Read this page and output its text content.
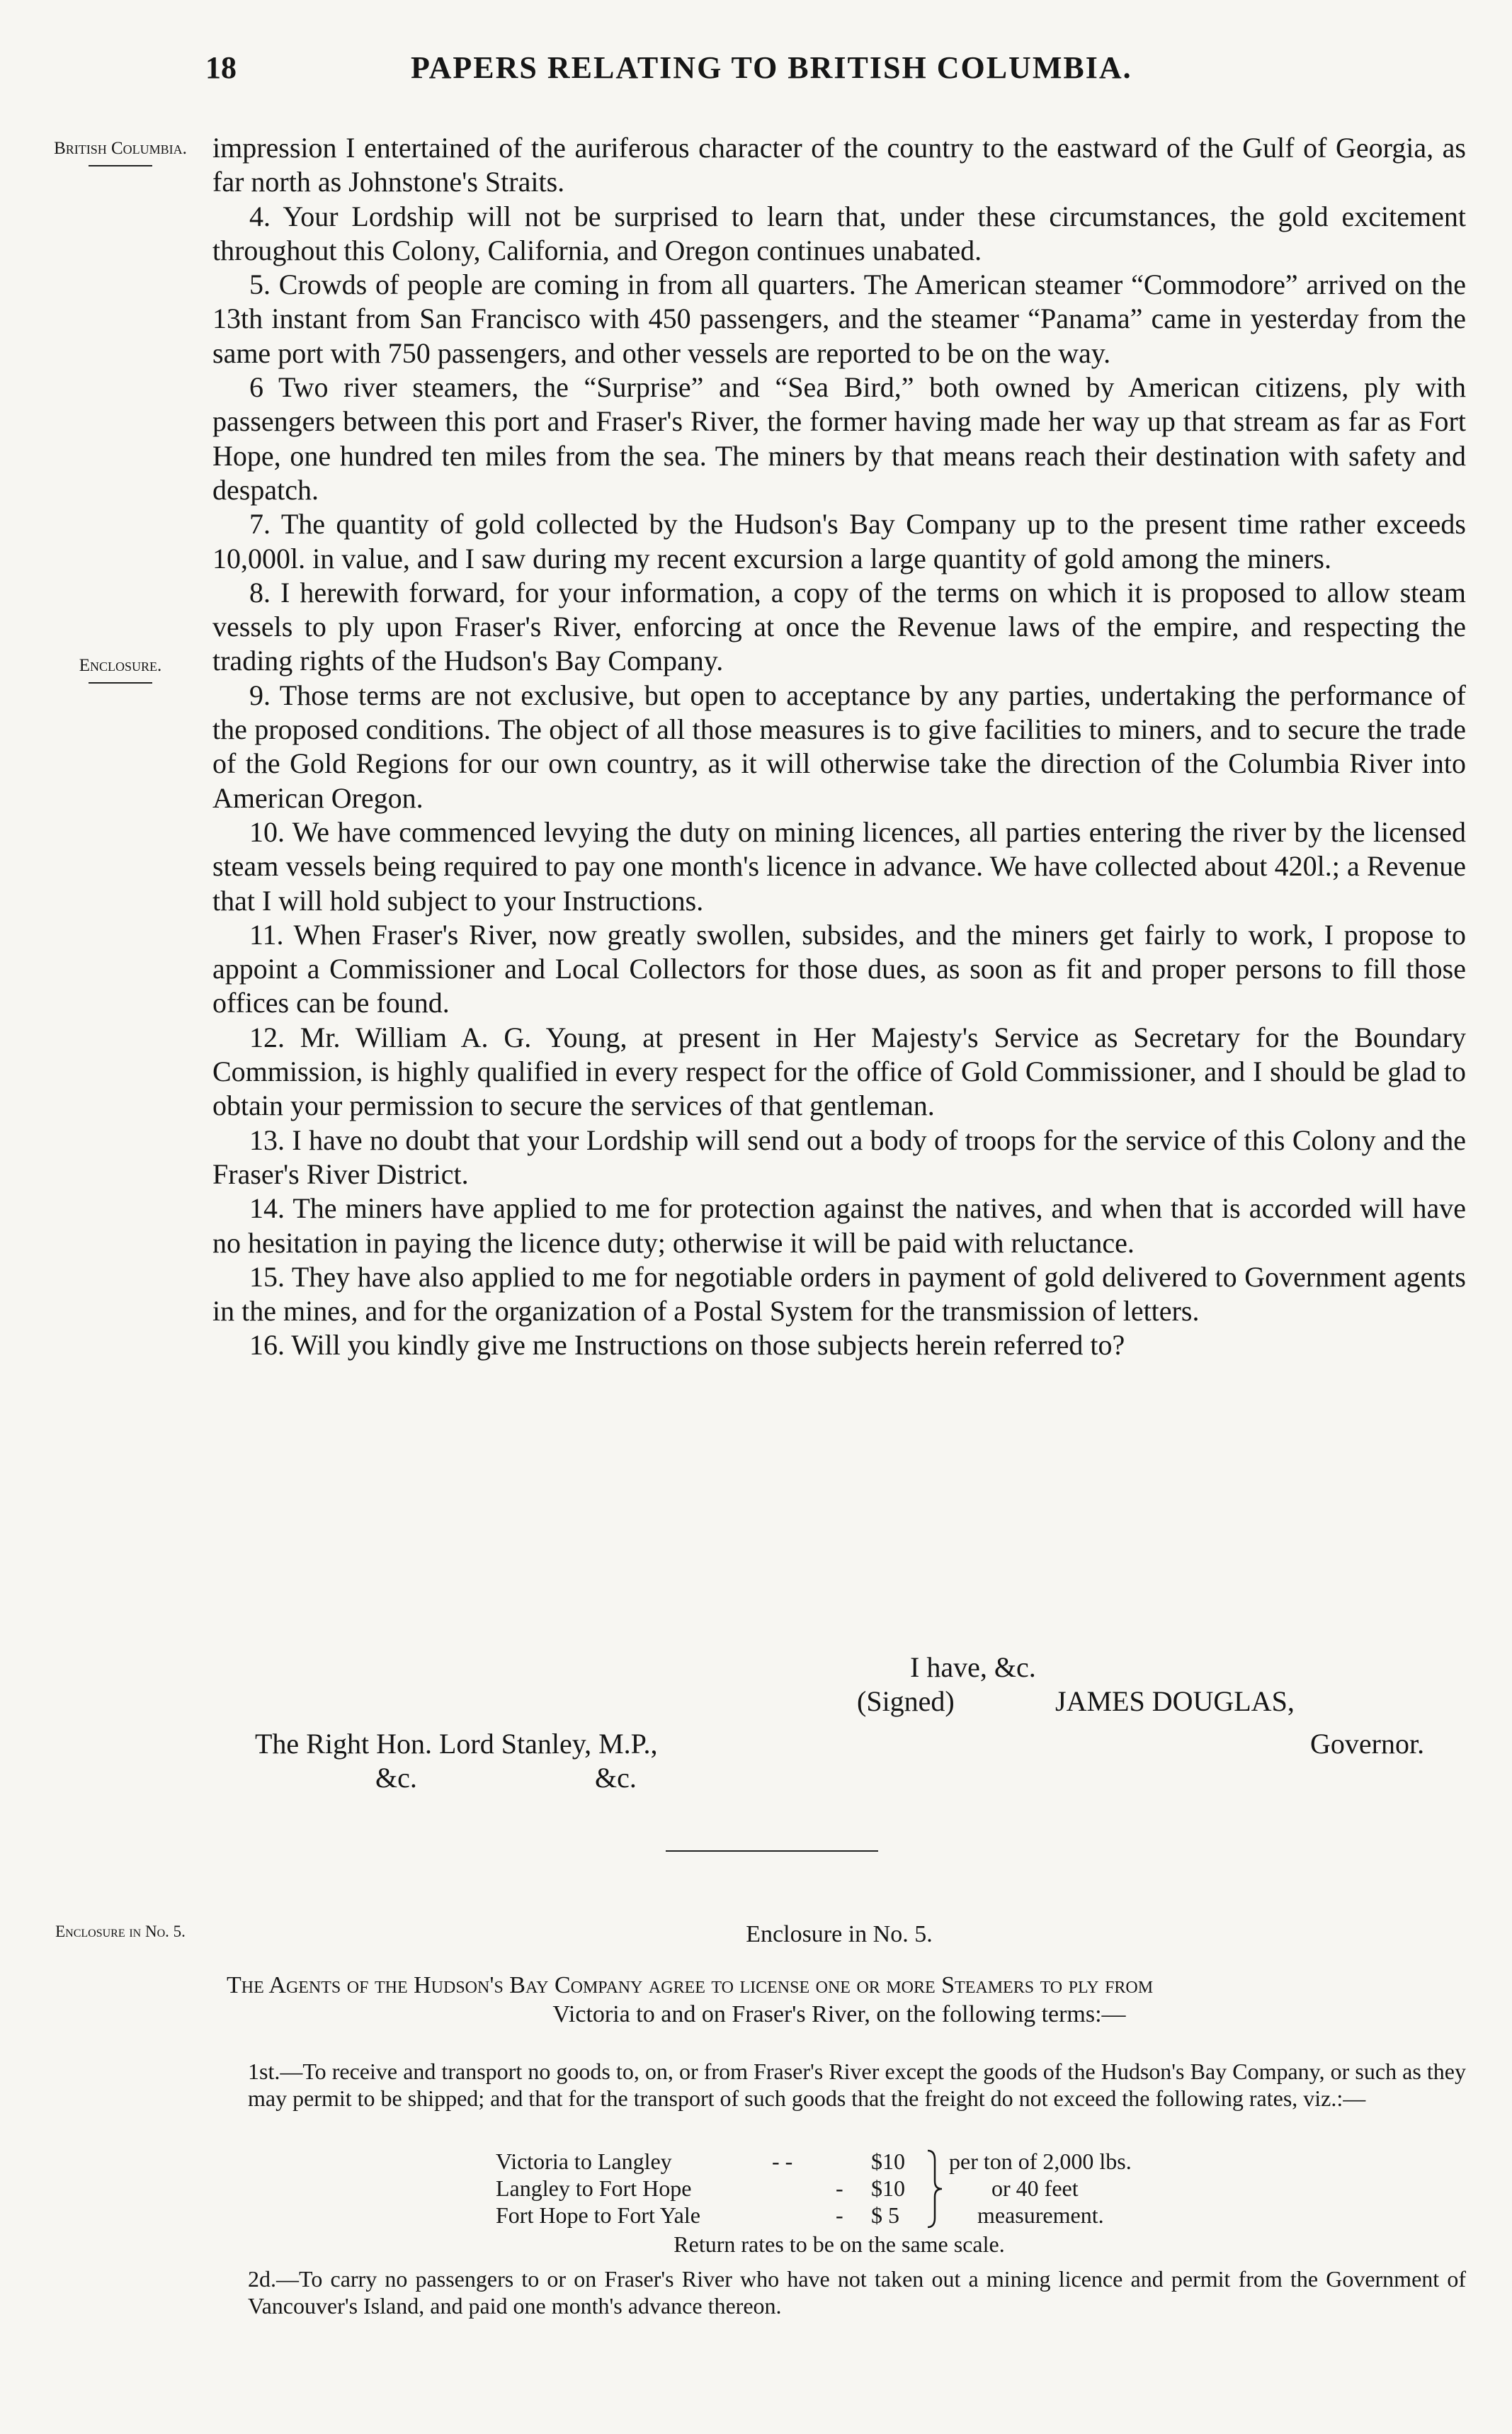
18	PAPERS RELATING TO BRITISH COLUMBIA.
British Columbia.
Enclosure.
Enclosure in No. 5.

impression I entertained of the auriferous character of the country to the eastward of the Gulf of Georgia, as far north as Johnstone's Straits.

4. Your Lordship will not be surprised to learn that, under these circumstances, the gold excitement throughout this Colony, California, and Oregon continues unabated.

5. Crowds of people are coming in from all quarters. The American steamer “Commodore” arrived on the 13th instant from San Francisco with 450 passengers, and the steamer “Panama” came in yesterday from the same port with 750 passengers, and other vessels are reported to be on the way.

6 Two river steamers, the “Surprise” and “Sea Bird,” both owned by American citizens, ply with passengers between this port and Fraser's River, the former having made her way up that stream as far as Fort Hope, one hundred ten miles from the sea. The miners by that means reach their destination with safety and despatch.

7. The quantity of gold collected by the Hudson's Bay Company up to the present time rather exceeds 10,000l. in value, and I saw during my recent excursion a large quantity of gold among the miners.

8. I herewith forward, for your information, a copy of the terms on which it is proposed to allow steam vessels to ply upon Fraser's River, enforcing at once the Revenue laws of the empire, and respecting the trading rights of the Hudson's Bay Company.

9. Those terms are not exclusive, but open to acceptance by any parties, undertaking the performance of the proposed conditions. The object of all those measures is to give facilities to miners, and to secure the trade of the Gold Regions for our own country, as it will otherwise take the direction of the Columbia River into American Oregon.

10. We have commenced levying the duty on mining licences, all parties entering the river by the licensed steam vessels being required to pay one month's licence in advance. We have collected about 420l.; a Revenue that I will hold subject to your Instructions.

11. When Fraser's River, now greatly swollen, subsides, and the miners get fairly to work, I propose to appoint a Commissioner and Local Collectors for those dues, as soon as fit and proper persons to fill those offices can be found.

12. Mr. William A. G. Young, at present in Her Majesty's Service as Secretary for the Boundary Commission, is highly qualified in every respect for the office of Gold Commissioner, and I should be glad to obtain your permission to secure the services of that gentleman.

13. I have no doubt that your Lordship will send out a body of troops for the service of this Colony and the Fraser's River District.

14. The miners have applied to me for protection against the natives, and when that is accorded will have no hesitation in paying the licence duty; otherwise it will be paid with reluctance.

15. They have also applied to me for negotiable orders in payment of gold delivered to Government agents in the mines, and for the organization of a Postal System for the transmission of letters.

16. Will you kindly give me Instructions on those subjects herein referred to?

I have, &c.
(Signed)	JAMES DOUGLAS,
The Right Hon. Lord Stanley, M.P.,	Governor.
&c.	&c.
Enclosure in No. 5.

The Agents of the Hudson's Bay Company agree to license one or more Steamers to ply from

Victoria to and on Fraser's River, on the following terms:—

1st.—To receive and transport no goods to, on, or from Fraser's River except the goods of the Hudson's Bay Company, or such as they may permit to be shipped; and that for the transport of such goods that the freight do not exceed the following rates, viz.:—
Victoria to Langley	- -	$10
Langley to Fort Hope	- $10
Fort Hope to Fort Yale	- $ 5
per ton of 2,000 lbs.
or 40 feet
measurement.
Return rates to be on the same scale.
2d.—To carry no passengers to or on Fraser's River who have not taken out a mining licence and permit from the Government of Vancouver's Island, and paid one month's advance thereon.
